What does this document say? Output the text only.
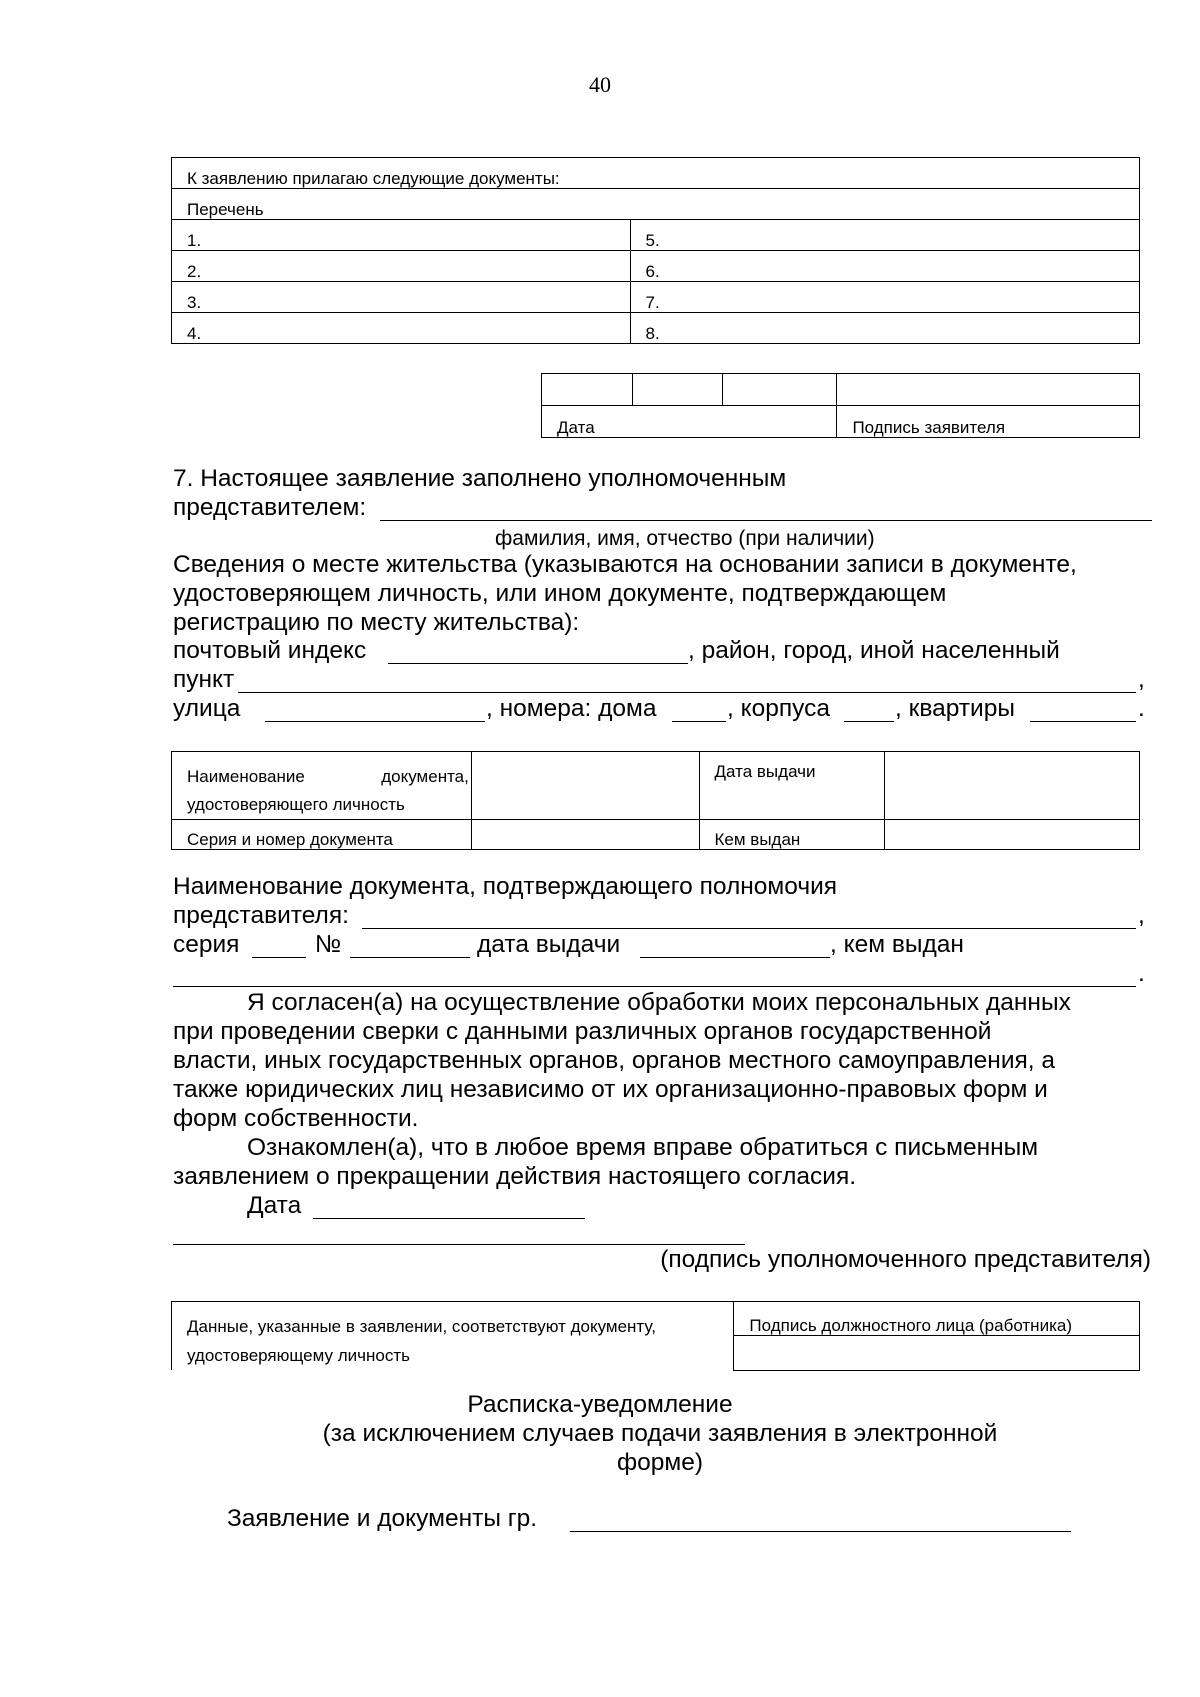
40
К заявлению прилагаю следующие документы:	
Перечень	
1.	5.
2.	6.
3.	7.
4.	8.

Дата			Подпись заявителя
7. Настоящее заявление заполнено уполномоченным
представителем:
фамилия, имя, отчество (при наличии)
Сведения о месте жительства (указываются на основании записи в документе,
удостоверяющем личность, или ином документе, подтверждающем
регистрацию по месту жительства):
почтовый индекс	, район, город, иной населенный
пункт	,
улица	, номера: дома	, корпуса	, квартиры	.
Наименование документа,
удостоверяющего личность		Дата выдачи	
Серия и номер документа		Кем выдан	
Наименование документа, подтверждающего полномочия
представителя:	,
серия	№	дата выдачи	, кем выдан
.
Я согласен(а) на осуществление обработки моих персональных данных
при проведении сверки с данными различных органов государственной
власти, иных государственных органов, органов местного самоуправления, а
также юридических лиц независимо от их организационно-правовых форм и
форм собственности.
Ознакомлен(а), что в любое время вправе обратиться с письменным
заявлением о прекращении действия настоящего согласия.
Дата
(подпись уполномоченного представителя)
Данные, указанные в заявлении, соответствуют документу,
удостоверяющему личность
	Подпись должностного лица (работника)

Расписка-уведомление
(за исключением случаев подачи заявления в электронной
форме)
Заявление и документы гр.
